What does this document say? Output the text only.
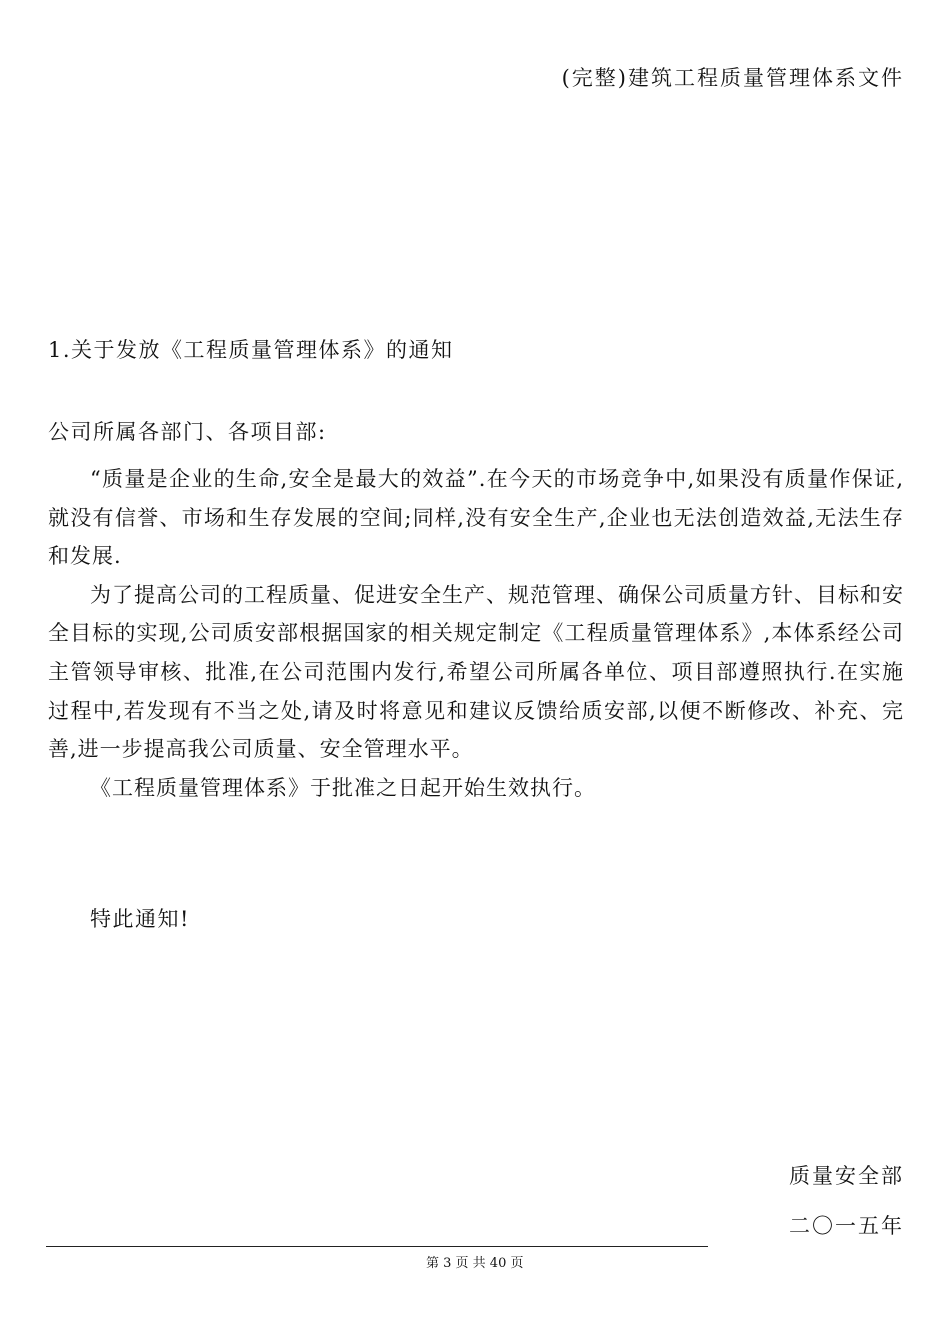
(完整)建筑工程质量管理体系文件
1.关于发放《工程质量管理体系》的通知
公司所属各部门、各项目部:

“质量是企业的生命,安全是最大的效益”.在今天的市场竞争中,如果没有质量作保证,就没有信誉、市场和生存发展的空间;同样,没有安全生产,企业也无法创造效益,无法生存和发展.

为了提高公司的工程质量、促进安全生产、规范管理、确保公司质量方针、目标和安全目标的实现,公司质安部根据国家的相关规定制定《工程质量管理体系》,本体系经公司主管领导审核、批准,在公司范围内发行,希望公司所属各单位、项目部遵照执行.在实施过程中,若发现有不当之处,请及时将意见和建议反馈给质安部,以便不断修改、补充、完善,进一步提高我公司质量、安全管理水平。

《工程质量管理体系》于批准之日起开始生效执行。

特此通知!
质量安全部
二〇一五年
第 3 页 共 40 页
